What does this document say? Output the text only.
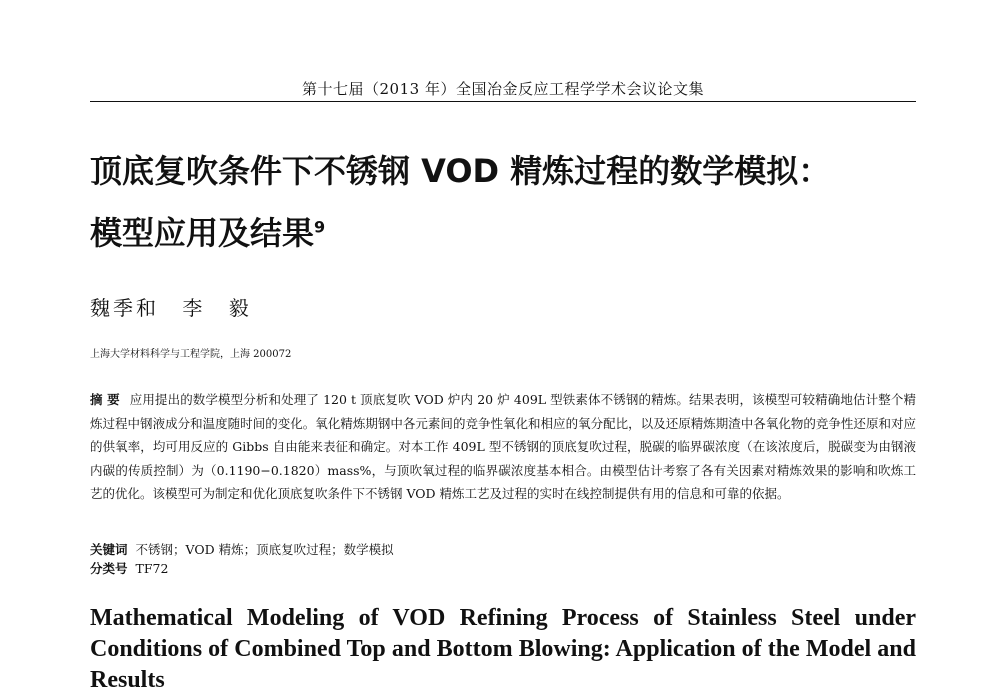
第十七届（2013 年）全国冶金反应工程学学术会议论文集
顶底复吹条件下不锈钢 VOD 精炼过程的数学模拟：
模型应用及结果$^9$
魏季和 李 毅
上海大学材料科学与工程学院，上海 200072
摘 要 应用提出的数学模型分析和处理了 120 t 顶底复吹 VOD 炉内 20 炉 409L 型铁素体不锈钢的精炼。结果表明，该模型可较精确地估计整个精炼过程中钢液成分和温度随时间的变化。氧化精炼期钢中各元素间的竞争性氧化和相应的氧分配比，以及还原精炼期渣中各氧化物的竞争性还原和对应的供氧率，均可用反应的 Gibbs 自由能来表征和确定。对本工作 409L 型不锈钢的顶底复吹过程，脱碳的临界碳浓度（在该浓度后，脱碳变为由钢液内碳的传质控制）为（0.1190−0.1820）mass%，与顶吹氧过程的临界碳浓度基本相合。由模型估计考察了各有关因素对精炼效果的影响和吹炼工艺的优化。该模型可为制定和优化顶底复吹条件下不锈钢 VOD 精炼工艺及过程的实时在线控制提供有用的信息和可靠的依据。
关键词 不锈钢；VOD 精炼；顶底复吹过程；数学模拟
分类号 TF72
Mathematical Modeling of VOD Refining Process of Stainless Steel under Conditions of Combined Top and Bottom Blowing: Application of the Model and Results
